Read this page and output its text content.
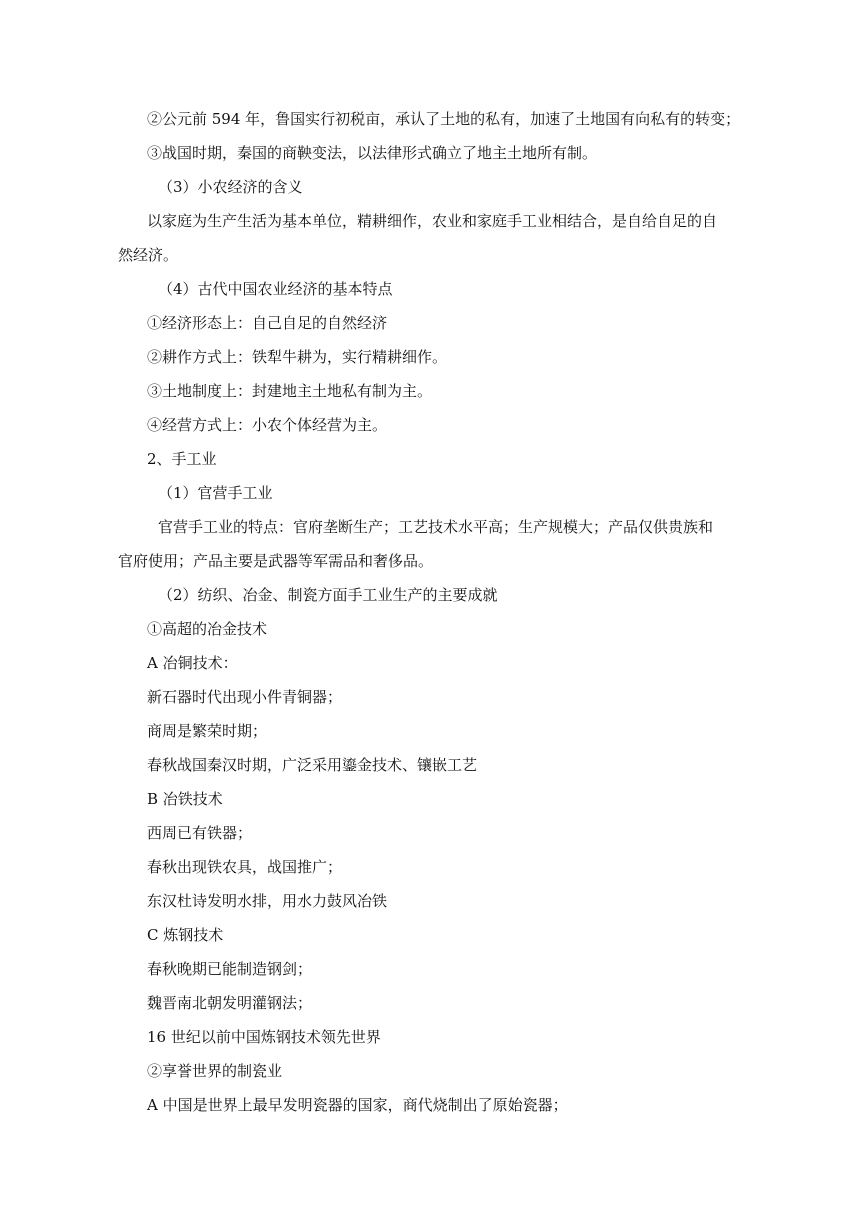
②公元前 594 年，鲁国实行初税亩，承认了土地的私有，加速了土地国有向私有的转变；
③战国时期，秦国的商鞅变法，以法律形式确立了地主土地所有制。
（3）小农经济的含义
以家庭为生产生活为基本单位，精耕细作，农业和家庭手工业相结合，是自给自足的自
然经济。
（4）古代中国农业经济的基本特点
①经济形态上：自己自足的自然经济
②耕作方式上：铁犁牛耕为，实行精耕细作。
③土地制度上：封建地主土地私有制为主。
④经营方式上：小农个体经营为主。
2、手工业
（1）官营手工业
官营手工业的特点：官府垄断生产；工艺技术水平高；生产规模大；产品仅供贵族和
官府使用；产品主要是武器等军需品和奢侈品。
（2）纺织、冶金、制瓷方面手工业生产的主要成就
①高超的冶金技术
A 冶铜技术：
新石器时代出现小件青铜器；
商周是繁荣时期；
春秋战国秦汉时期，广泛采用鎏金技术、镶嵌工艺
B 冶铁技术
西周已有铁器；
春秋出现铁农具，战国推广；
东汉杜诗发明水排，用水力鼓风冶铁
C 炼钢技术
春秋晚期已能制造钢剑；
魏晋南北朝发明灌钢法；
16 世纪以前中国炼钢技术领先世界
②享誉世界的制瓷业
A 中国是世界上最早发明瓷器的国家，商代烧制出了原始瓷器；
